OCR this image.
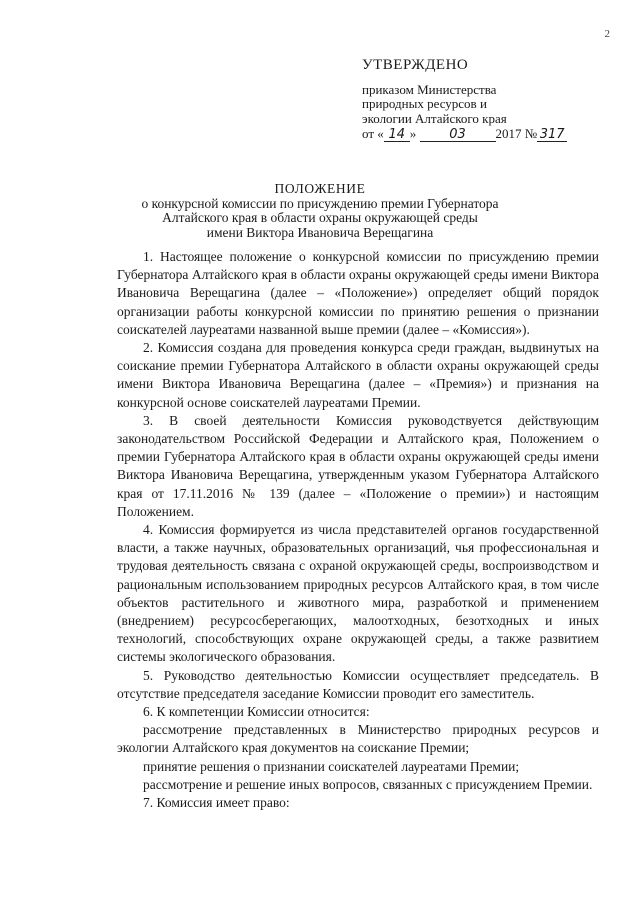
2
УТВЕРЖДЕНО
приказом Министерства
природных ресурсов и
экологии Алтайского края
от « 14 »	03 2017 № 317
ПОЛОЖЕНИЕ
о конкурсной комиссии по присуждению премии Губернатора
Алтайского края в области охраны окружающей среды
имени Виктора Ивановича Верещагина

1. Настоящее положение о конкурсной комиссии по присуждению премии Губернатора Алтайского края в области охраны окружающей среды имени Виктора Ивановича Верещагина (далее – «Положение») определяет общий порядок организации работы конкурсной комиссии по принятию решения о признании соискателей лауреатами названной выше премии (далее – «Комиссия»).

2. Комиссия создана для проведения конкурса среди граждан, выдвинутых на соискание премии Губернатора Алтайского в области охраны окружающей среды имени Виктора Ивановича Верещагина (далее – «Премия») и признания на конкурсной основе соискателей лауреатами Премии.

3. В своей деятельности Комиссия руководствуется действующим законодательством Российской Федерации и Алтайского края, Положением о премии Губернатора Алтайского края в области охраны окружающей среды имени Виктора Ивановича Верещагина, утвержденным указом Губернатора Алтайского края от 17.11.2016 № 139 (далее – «Положение о премии») и настоящим Положением.

4. Комиссия формируется из числа представителей органов государственной власти, а также научных, образовательных организаций, чья профессиональная и трудовая деятельность связана с охраной окружающей среды, воспроизводством и рациональным использованием природных ресурсов Алтайского края, в том числе объектов растительного и животного мира, разработкой и применением (внедрением) ресурсосберегающих, малоотходных, безотходных и иных технологий, способствующих охране окружающей среды, а также развитием системы экологического образования.

5. Руководство деятельностью Комиссии осуществляет председатель. В отсутствие председателя заседание Комиссии проводит его заместитель.

6. К компетенции Комиссии относится:

рассмотрение представленных в Министерство природных ресурсов и экологии Алтайского края документов на соискание Премии;

принятие решения о признании соискателей лауреатами Премии;

рассмотрение и решение иных вопросов, связанных с присуждением Премии.

7. Комиссия имеет право:
